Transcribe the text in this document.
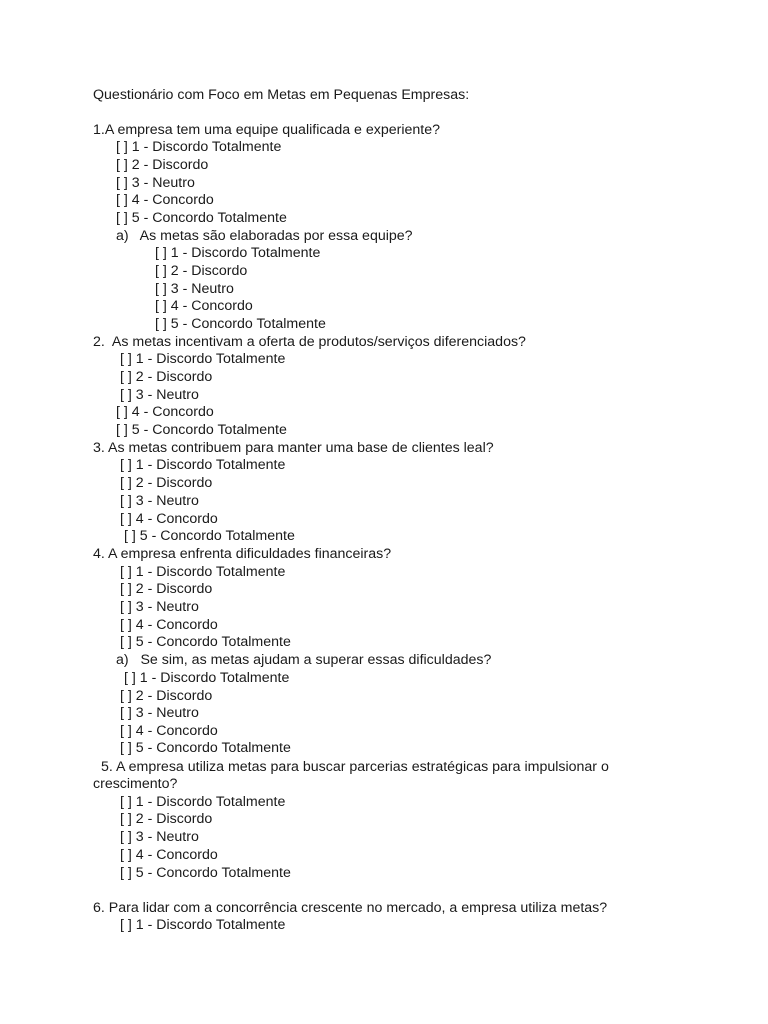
Questionário com Foco em Metas em Pequenas Empresas:
1.A empresa tem uma equipe qualificada e experiente?
[ ] 1 - Discordo Totalmente
[ ] 2 - Discordo
[ ] 3 - Neutro
[ ] 4 - Concordo
[ ] 5 - Concordo Totalmente
a)   As metas são elaboradas por essa equipe?
[ ] 1 - Discordo Totalmente
[ ] 2 - Discordo
[ ] 3 - Neutro
[ ] 4 - Concordo
[ ] 5 - Concordo Totalmente
2.  As metas incentivam a oferta de produtos/serviços diferenciados?
[ ] 1 - Discordo Totalmente
[ ] 2 - Discordo
[ ] 3 - Neutro
[ ] 4 - Concordo
[ ] 5 - Concordo Totalmente
3. As metas contribuem para manter uma base de clientes leal?
[ ] 1 - Discordo Totalmente
[ ] 2 - Discordo
[ ] 3 - Neutro
[ ] 4 - Concordo
[ ] 5 - Concordo Totalmente
4. A empresa enfrenta dificuldades financeiras?
[ ] 1 - Discordo Totalmente
[ ] 2 - Discordo
[ ] 3 - Neutro
[ ] 4 - Concordo
[ ] 5 - Concordo Totalmente
a)   Se sim, as metas ajudam a superar essas dificuldades?
[ ] 1 - Discordo Totalmente
[ ] 2 - Discordo
[ ] 3 - Neutro
[ ] 4 - Concordo
[ ] 5 - Concordo Totalmente
5. A empresa utiliza metas para buscar parcerias estratégicas para impulsionar o
crescimento?
[ ] 1 - Discordo Totalmente
[ ] 2 - Discordo
[ ] 3 - Neutro
[ ] 4 - Concordo
[ ] 5 - Concordo Totalmente
6. Para lidar com a concorrência crescente no mercado, a empresa utiliza metas?
[ ] 1 - Discordo Totalmente
